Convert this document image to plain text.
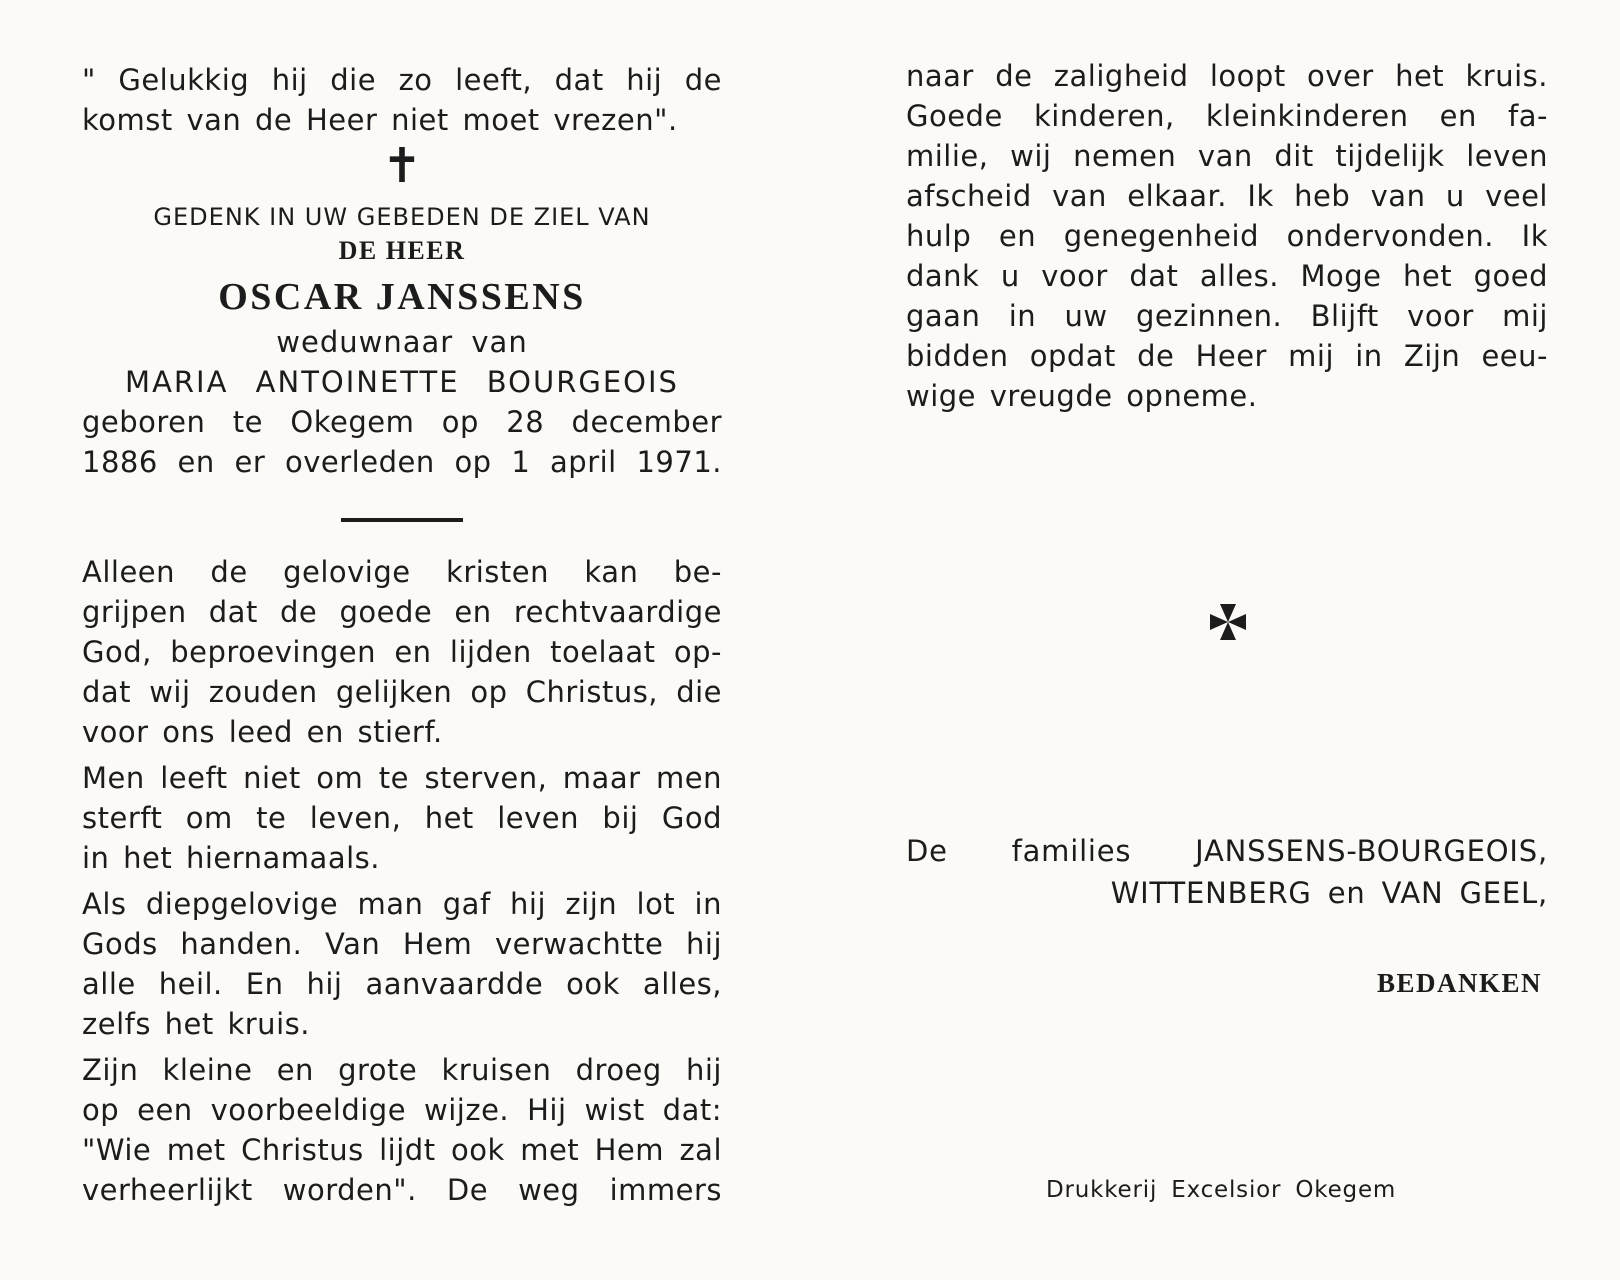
" Gelukkig hij die zo leeft, dat hij de

komst van de Heer niet moet vrezen".

✝

GEDENK IN UW GEBEDEN DE ZIEL VAN

DE HEER

OSCAR JANSSENS

weduwnaar van

MARIA ANTOINETTE BOURGEOIS

geboren te Okegem op 28 december

1886 en er overleden op 1 april 1971.

Alleen de gelovige kristen kan be-
grijpen dat de goede en rechtvaardige
God, beproevingen en lijden toelaat op-
dat wij zouden gelijken op Christus, die
voor ons leed en stierf.

Men leeft niet om te sterven, maar men
sterft om te leven, het leven bij God
in het hiernamaals.

Als diepgelovige man gaf hij zijn lot in
Gods handen. Van Hem verwachtte hij
alle heil. En hij aanvaardde ook alles,
zelfs het kruis.

Zijn kleine en grote kruisen droeg hij
op een voorbeeldige wijze. Hij wist dat:
"Wie met Christus lijdt ook met Hem zal
verheerlijkt worden". De weg immers

naar de zaligheid loopt over het kruis.
Goede kinderen, kleinkinderen en fa-
milie, wij nemen van dit tijdelijk leven
afscheid van elkaar. Ik heb van u veel
hulp en genegenheid ondervonden. Ik
dank u voor dat alles. Moge het goed
gaan in uw gezinnen. Blijft voor mij
bidden opdat de Heer mij in Zijn eeu-
wige vreugde opneme.

De families JANSSENS-BOURGEOIS,
WITTENBERG en VAN GEEL,
BEDANKEN
Drukkerij Excelsior Okegem
